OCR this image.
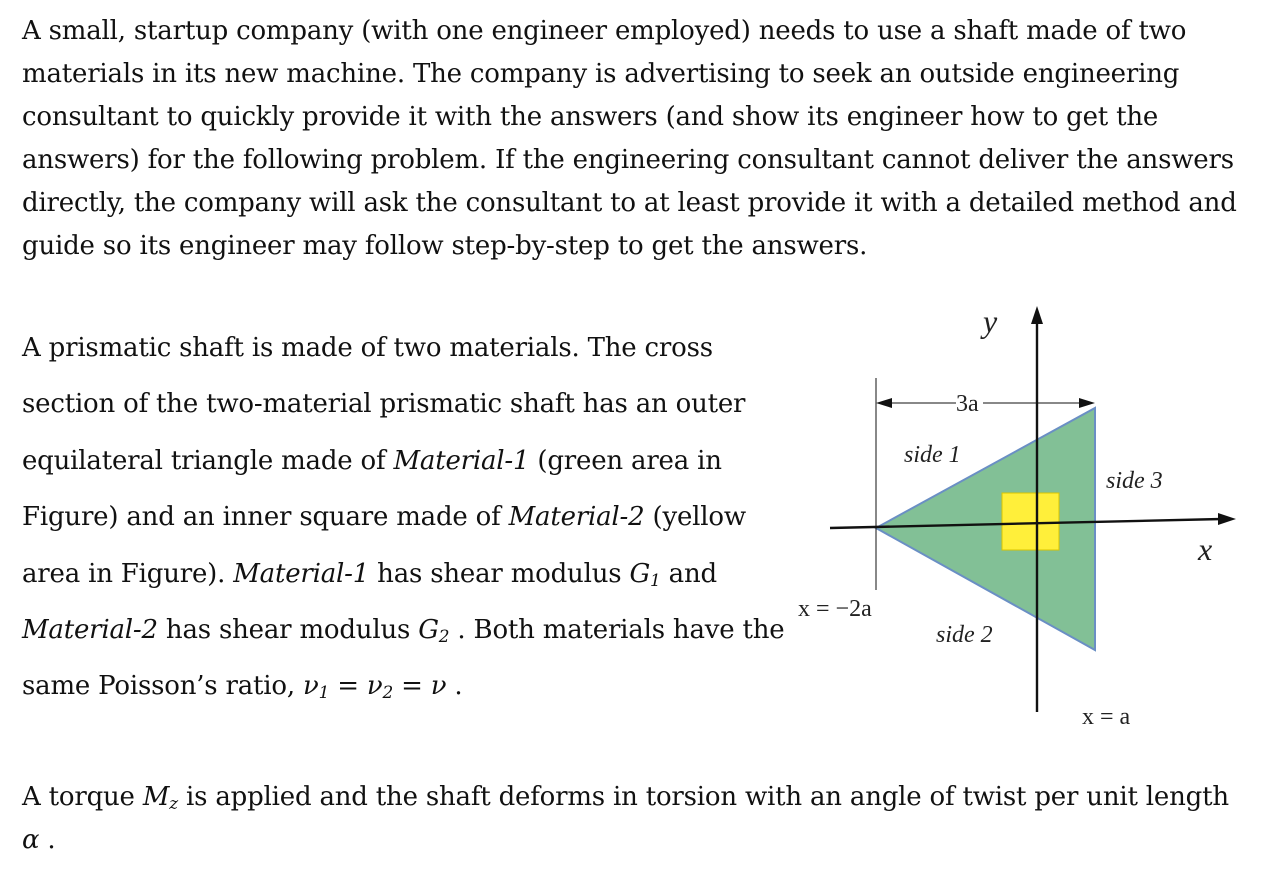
A small, startup company (with one engineer employed) needs to use a shaft made of two materials in its new machine. The company is advertising to seek an outside engineering consultant to quickly provide it with the answers (and show its engineer how to get the answers) for the following problem. If the engineering consultant cannot deliver the answers directly, the company will ask the consultant to at least provide it with a detailed method and guide so its engineer may follow step-by-step to get the answers.

A prismatic shaft is made of two materials. The cross section of the two-material prismatic shaft has an outer equilateral triangle made of Material-1 (green area in Figure) and an inner square made of Material-2 (yellow area in Figure). Material-1 has shear modulus $G_1$ and Material-2 has shear modulus $G_2$ . Both materials have the same Poisson’s ratio, $\nu_1 = \nu_2 = \nu$ .

y
x
3a
side 1
side 3
side 2
x = −2a
x = a

A torque $M_z$ is applied and the shaft deforms in torsion with an angle of twist per unit length α .
